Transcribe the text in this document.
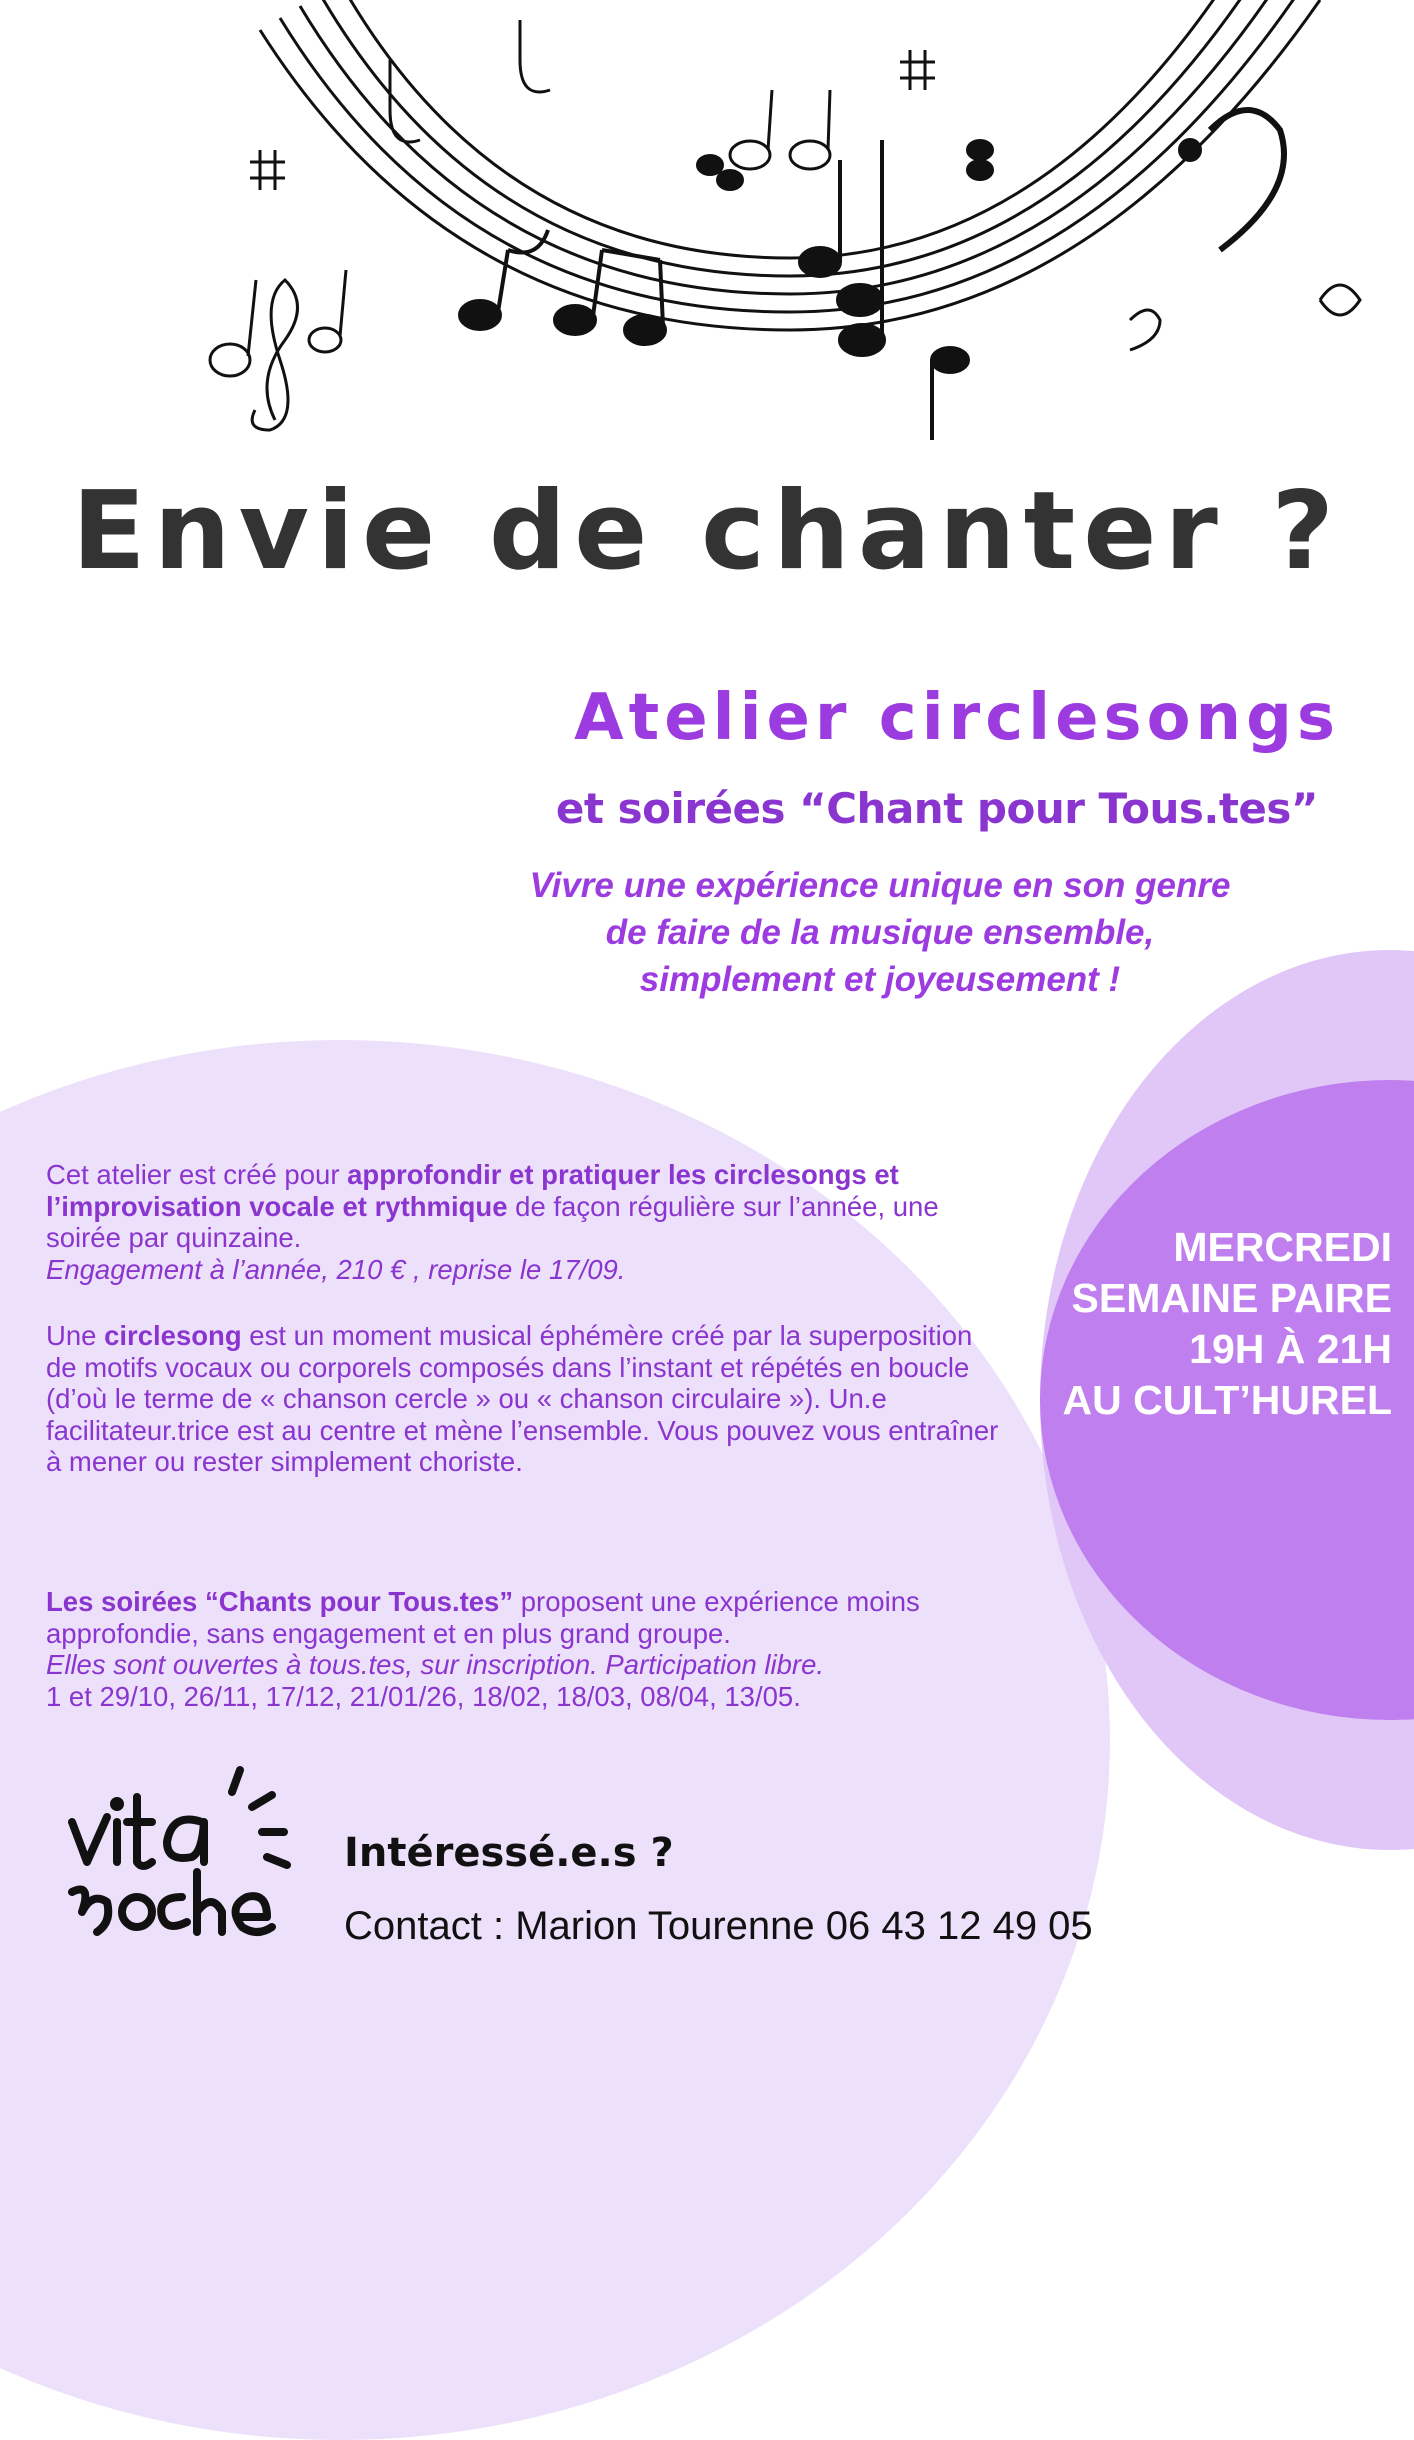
Envie de chanter ?
Atelier circlesongs
et soirées “Chant pour Tous.tes”
Vivre une expérience unique en son genre
de faire de la musique ensemble,
simplement et joyeusement !
MERCREDI
SEMAINE PAIRE
19H À 21H
AU CULT’HUREL
Cet atelier est créé pour approfondir et pratiquer les circlesongs et l’improvisation vocale et rythmique de façon régulière sur l’année, une soirée par quinzaine.
Engagement à l’année, 210 € , reprise le 17/09.
Une circlesong est un moment musical éphémère créé par la superposition de motifs vocaux ou corporels composés dans l’instant et répétés en boucle (d’où le terme de « chanson cercle » ou « chanson circulaire »). Un.e facilitateur.trice est au centre et mène l’ensemble. Vous pouvez vous entraîner à mener ou rester simplement choriste.
Les soirées “Chants pour Tous.tes” proposent une expérience moins approfondie, sans engagement et en plus grand groupe.
Elles sont ouvertes à tous.tes, sur inscription. Participation libre.
1 et 29/10, 26/11, 17/12, 21/01/26, 18/02, 18/03, 08/04, 13/05.
Intéressé.e.s ?
Contact : Marion Tourenne 06 43 12 49 05
